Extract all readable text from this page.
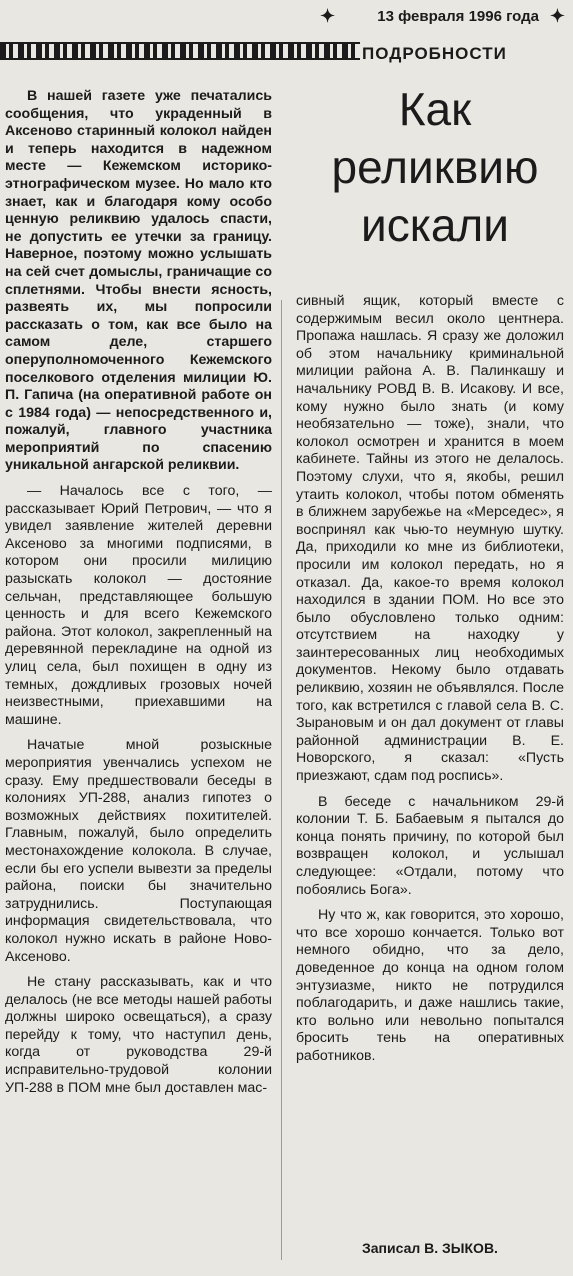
✦	13 февраля 1996 года ✦
ПОДРОБНОСТИ
Как
реликвию
искали

В нашей газете уже печатались сообщения, что украденный в Аксеново старинный колокол найден и теперь находится в надежном месте — Кежемском историко-этнографическом музее. Но мало кто знает, как и благодаря кому особо ценную реликвию удалось спасти, не допустить ее утечки за границу. Наверное, поэтому можно услышать на сей счет домыслы, граничащие со сплетнями. Чтобы внести ясность, развеять их, мы попросили рассказать о том, как все было на самом деле, старшего оперуполномоченного Кежемского поселкового отделения милиции Ю. П. Гапича (на оперативной работе он с 1984 года) — непосредственного и, пожалуй, главного участника мероприятий по спасению уникальной ангарской реликвии.

— Началось все с того, — рассказывает Юрий Петрович, — что я увидел заявление жителей деревни Аксеново за многими подписями, в котором они просили милицию разыскать колокол — достояние сельчан, представляющее большую ценность и для всего Кежемского района. Этот колокол, закрепленный на деревянной перекладине на одной из улиц села, был похищен в одну из темных, дождливых грозовых ночей неизвестными, приехавшими на машине.

Начатые мной розыскные мероприятия увенчались успехом не сразу. Ему предшествовали беседы в колониях УП-288, анализ гипотез о возможных действиях похитителей. Главным, пожалуй, было определить местонахождение колокола. В случае, если бы его успели вывезти за пределы района, поиски бы значительно затруднились. Поступающая информация свидетельствовала, что колокол нужно искать в районе Ново-Аксеново.

Не стану рассказывать, как и что делалось (не все методы нашей работы должны широко освещаться), а сразу перейду к тому, что наступил день, когда от руководства 29-й исправительно-трудовой колонии УП-288 в ПОМ мне был доставлен мас-

сивный ящик, который вместе с содержимым весил около центнера. Пропажа нашлась. Я сразу же доложил об этом начальнику криминальной милиции района А. В. Палинкашу и начальнику РОВД В. В. Исакову. И все, кому нужно было знать (и кому необязательно — тоже), знали, что колокол осмотрен и хранится в моем кабинете. Тайны из этого не делалось. Поэтому слухи, что я, якобы, решил утаить колокол, чтобы потом обменять в ближнем зарубежье на «Мерседес», я воспринял как чью-то неумную шутку. Да, приходили ко мне из библиотеки, просили им колокол передать, но я отказал. Да, какое-то время колокол находился в здании ПОМ. Но все это было обусловлено только одним: отсутствием на находку у заинтересованных лиц необходимых документов. Некому было отдавать реликвию, хозяин не объявлялся. После того, как встретился с главой села В. С. Зырановым и он дал документ от главы районной администрации В. Е. Новорского, я сказал: «Пусть приезжают, сдам под роспись».

В беседе с начальником 29-й колонии Т. Б. Бабаевым я пытался до конца понять причину, по которой был возвращен колокол, и услышал следующее: «Отдали, потому что побоялись Бога».

Ну что ж, как говорится, это хорошо, что все хорошо кончается. Только вот немного обидно, что за дело, доведенное до конца на одном голом энтузиазме, никто не потрудился поблагодарить, и даже нашлись такие, кто вольно или невольно попытался бросить тень на оперативных работников.

Записал В. ЗЫКОВ.
